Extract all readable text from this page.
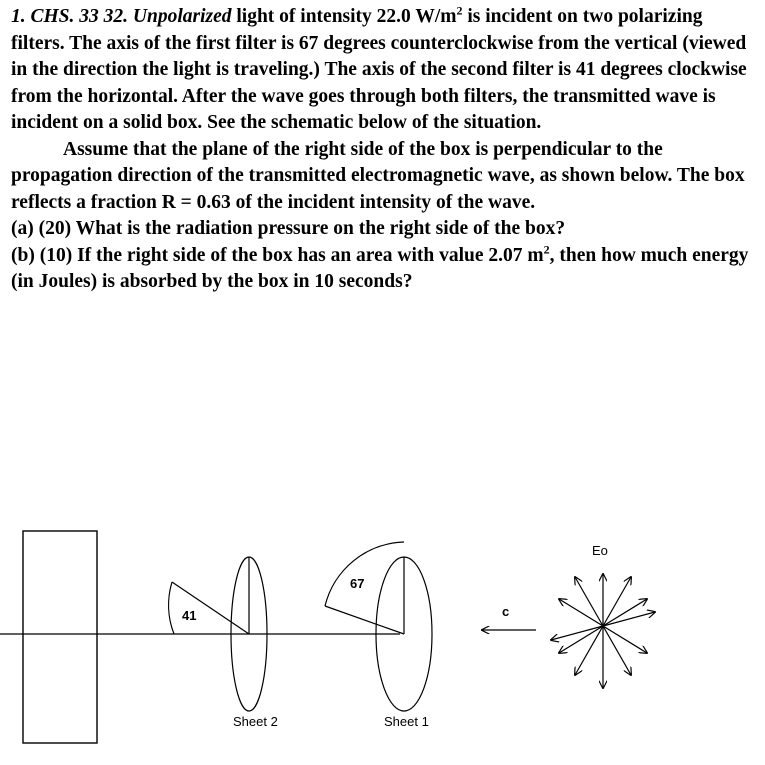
1. CHS. 33 32. Unpolarized light of intensity 22.0 $W/m^2$ is incident on two polarizing filters. The axis of the first filter is 67 degrees counterclockwise from the vertical (viewed in the direction the light is traveling.) The axis of the second filter is 41 degrees clockwise from the horizontal. After the wave goes through both filters, the transmitted wave is incident on a solid box. See the schematic below of the situation.

Assume that the plane of the right side of the box is perpendicular to the propagation direction of the transmitted electromagnetic wave, as shown below. The box reflects a fraction R = 0.63 of the incident intensity of the wave.

(a) (20) What is the radiation pressure on the right side of the box?

(b) (10) If the right side of the box has an area with value 2.07 $m^2$, then how much energy (in Joules) is absorbed by the box in 10 seconds?

41
Sheet 2
67
Sheet 1
c
Eo
